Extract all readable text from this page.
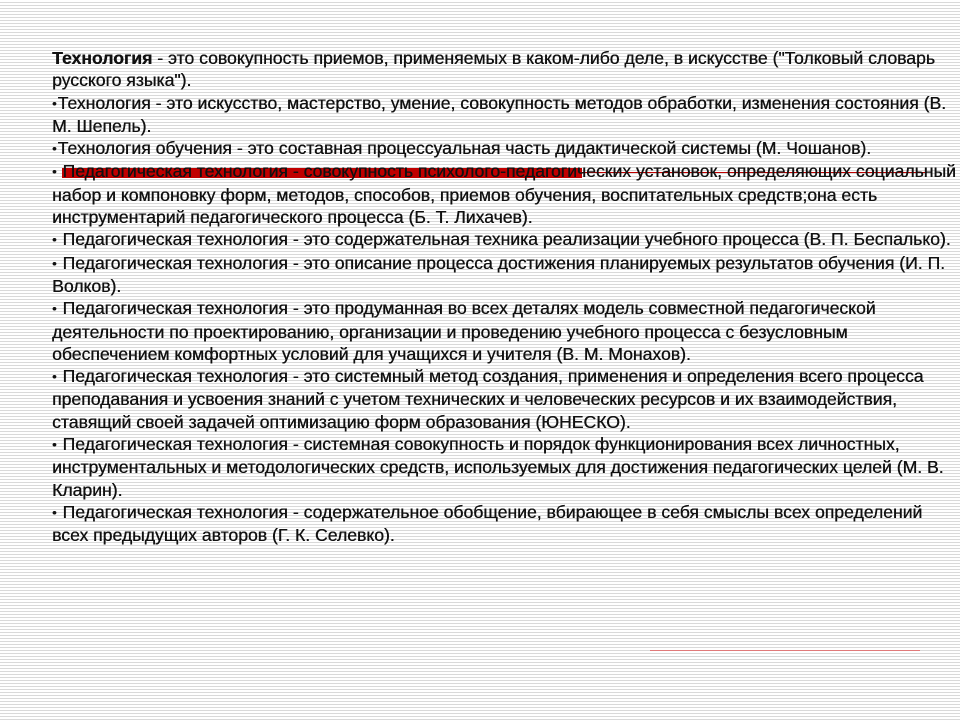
Технология - это совокупность приемов, применяемых в каком-либо деле, в искусстве ("Толковый словарь русского языка").

•Технология - это искусство, мастерство, умение, совокупность методов обработки, изменения состояния (В. М. Шепель).

•Технология обучения - это составная процессуальная часть дидактической системы (М. Чошанов).

• Педагогическая технология - совокупность психолого-педагогических установок, определяющих социальный набор и компоновку форм, методов, способов, приемов обучения, воспитательных средств;она есть инструментарий педагогического процесса (Б. Т. Лихачев).

• Педагогическая технология - это содержательная техника реализации учебного процесса (В. П. Беспалько).

• Педагогическая технология - это описание процесса достижения планируемых результатов обучения (И. П. Волков).

• Педагогическая технология - это продуманная во всех деталях модель совместной педагогической деятельности по проектированию, организации и проведению учебного процесса с безусловным обеспечением комфортных условий для учащихся и учителя (В. М. Монахов).

• Педагогическая технология - это системный метод создания, применения и определения всего процесса преподавания и усвоения знаний с учетом технических и человеческих ресурсов и их взаимодействия, ставящий своей задачей оптимизацию форм образования (ЮНЕСКО).

• Педагогическая технология - системная совокупность и порядок функционирования всех личностных, инструментальных и методологических средств, используемых для достижения педагогических целей (М. В. Кларин).

• Педагогическая технология - содержательное обобщение, вбирающее в себя смыслы всех определений всех предыдущих авторов (Г. К. Селевко).
